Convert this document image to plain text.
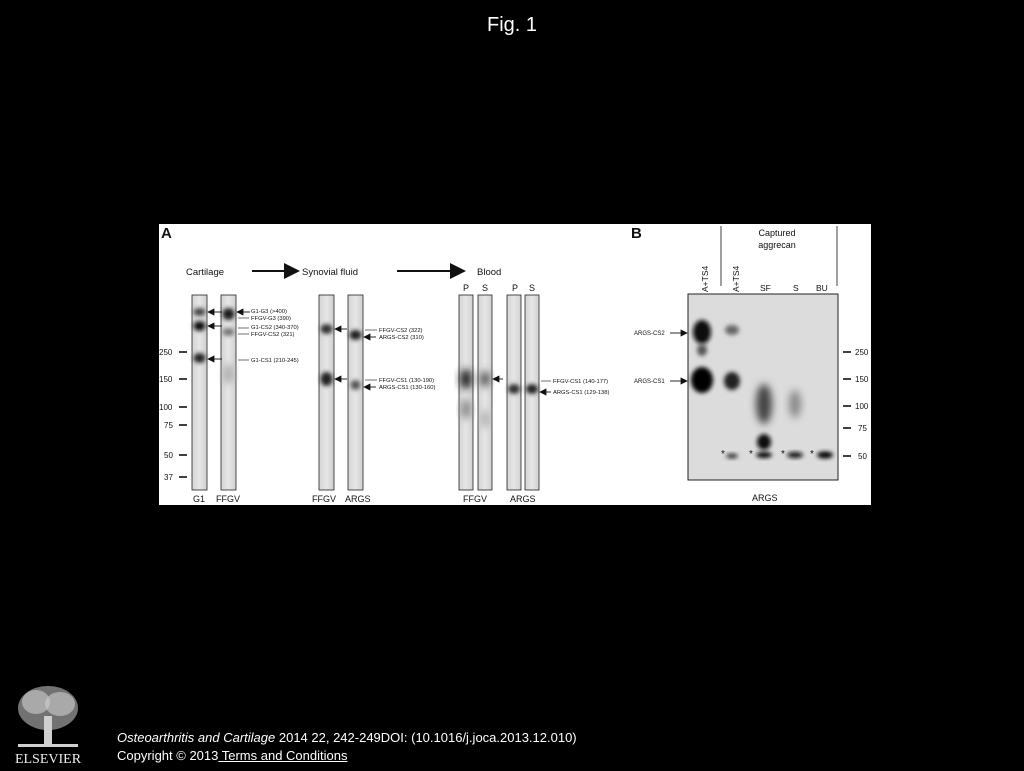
Fig. 1
A
Cartilage	Synovial fluid	Blood
250
150
100
75
50
37
G1-G3 (>400)
FFGV-G3 (390)
G1-CS2 (340-370)
FFGV-CS2 (321)
G1-CS1 (210-245)
G1 FFGV
FFGV-CS2 (322)
ARGS-CS2 (310)
FFGV-CS1 (130-190)
ARGS-CS1 (130-160)
FFGV ARGS
P S	P S
FFGV-CS1 (140-177)
ARGS-CS1 (129-138)
FFGV	ARGS
B	Captured
aggrecan
A+TS4 A+TS4 SF	S BU
* *	*	*
ARGS-CS2
ARGS-CS1
250
150
100
75
50
ARGS
ELSEVIER
Osteoarthritis and Cartilage 2014 22, 242-249DOI: (10.1016/j.joca.2013.12.010)
Copyright © 2013 Terms and Conditions
